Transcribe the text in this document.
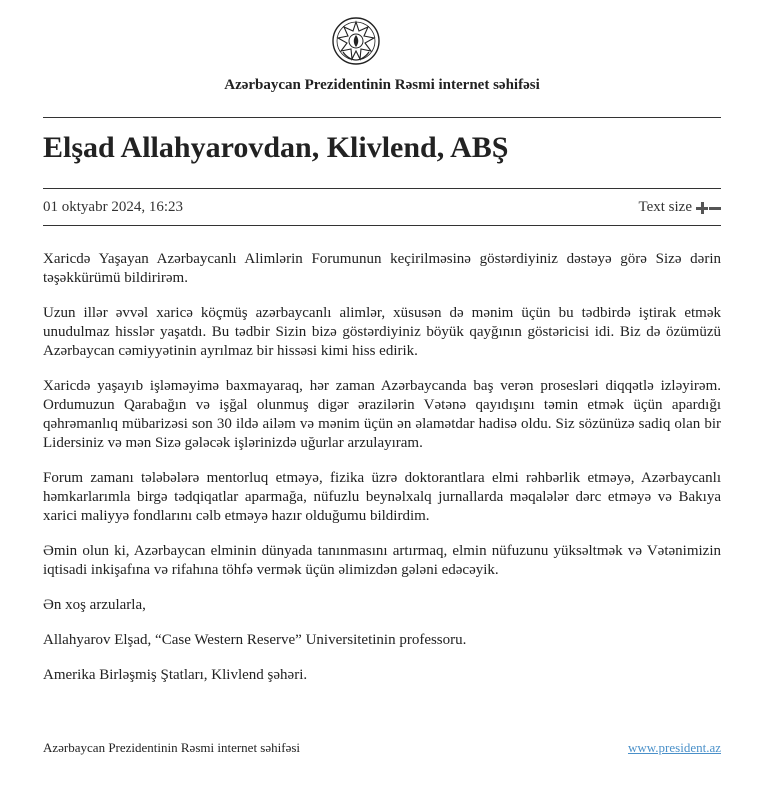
Azərbaycan Prezidentinin Rəsmi internet səhifəsi
Elşad Allahyarovdan, Klivlend, ABŞ
01 oktyabr 2024, 16:23	Text size

Xaricdə Yaşayan Azərbaycanlı Alimlərin Forumunun keçirilməsinə göstərdiyiniz dəstəyə görə Sizə dərin təşəkkürümü bildirirəm.

Uzun illər əvvəl xaricə köçmüş azərbaycanlı alimlər, xüsusən də mənim üçün bu tədbirdə iştirak etmək unudulmaz hisslər yaşatdı. Bu tədbir Sizin bizə göstərdiyiniz böyük qayğının göstəricisi idi. Biz də özümüzü Azərbaycan cəmiyyətinin ayrılmaz bir hissəsi kimi hiss edirik.

Xaricdə yaşayıb işləməyimə baxmayaraq, hər zaman Azərbaycanda baş verən prosesləri diqqətlə izləyirəm. Ordumuzun Qarabağın və işğal olunmuş digər ərazilərin Vətənə qayıdışını təmin etmək üçün apardığı qəhrəmanlıq mübarizəsi son 30 ildə ailəm və mənim üçün ən əlamətdar hadisə oldu. Siz sözünüzə sadiq olan bir Lidersiniz və mən Sizə gələcək işlərinizdə uğurlar arzulayıram.

Forum zamanı tələbələrə mentorluq etməyə, fizika üzrə doktorantlara elmi rəhbərlik etməyə, Azərbaycanlı həmkarlarımla birgə tədqiqatlar aparmağa, nüfuzlu beynəlxalq jurnallarda məqalələr dərc etməyə və Bakıya xarici maliyyə fondlarını cəlb etməyə hazır olduğumu bildirdim.

Əmin olun ki, Azərbaycan elminin dünyada tanınmasını artırmaq, elmin nüfuzunu yüksəltmək və Vətənimizin iqtisadi inkişafına və rifahına töhfə vermək üçün əlimizdən gələni edəcəyik.

Ən xoş arzularla,

Allahyarov Elşad, “Case Western Reserve” Universitetinin professoru.

Amerika Birləşmiş Ştatları, Klivlend şəhəri.

Azərbaycan Prezidentinin Rəsmi internet səhifəsi	www.president.az
